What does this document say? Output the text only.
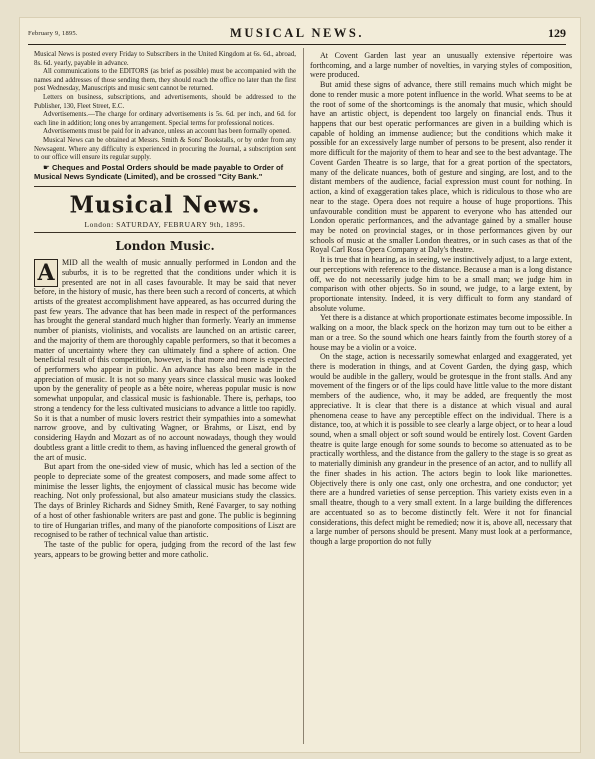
February 9, 1895.	MUSICAL NEWS.	129

Musical News is posted every Friday to Subscribers in the United Kingdom at 6s. 6d., abroad, 8s. 6d. yearly, payable in advance.

All communications to the EDITORS (as brief as possible) must be accompanied with the names and addresses of those sending them, they should reach the office no later than the first post Wednesday, Manuscripts and music sent cannot be returned.

Letters on business, subscriptions, and advertisements, should be addressed to the Publisher, 130, Fleet Street, E.C.

Advertisements.—The charge for ordinary advertisements is 5s. 6d. per inch, and 6d. for each line in addition; long ones by arrangement. Special terms for professional notices.

Advertisements must be paid for in advance, unless an account has been formally opened.

Musical News can be obtained at Messrs. Smith & Sons' Bookstalls, or by order from any Newsagent. Where any difficulty is experienced in procuring the Journal, a subscription sent to our office will ensure its regular supply.

☛ Cheques and Postal Orders should be made payable to Order of Musical News Syndicate (Limited), and be crossed "City Bank."

Musical News.
London: SATURDAY, FEBRUARY 9th, 1895.
London Music.

A MID all the wealth of music annually performed in London and the suburbs, it is to be regretted that the conditions under which it is presented are not in all cases favourable. It may be said that never before, in the history of music, has there been such a record of concerts, at which artists of the greatest accomplishment have appeared, as has occurred during the past few years. The advance that has been made in respect of the performances has brought the general standard much higher than formerly. Yearly an immense number of pianists, violinists, and vocalists are launched on an artistic career, and the majority of them are thoroughly capable performers, so that it becomes a matter of uncertainty where they can ultimately find a sphere of action. One beneficial result of this competition, however, is that more and more is expected of performers who appear in public. An advance has also been made in the appreciation of music. It is not so many years since classical music was looked upon by the generality of people as a bête noire, whereas popular music is now somewhat unpopular, and classical music is fashionable. There is, perhaps, too strong a tendency for the less cultivated musicians to advance a little too rapidly. So it is that a number of music lovers restrict their sympathies into a somewhat narrow groove, and by cultivating Wagner, or Brahms, or Liszt, end by considering Haydn and Mozart as of no account nowadays, though they would doubtless grant a little credit to them, as having influenced the general growth of the art of music.

But apart from the one-sided view of music, which has led a section of the people to depreciate some of the greatest composers, and made some affect to minimise the lesser lights, the enjoyment of classical music has become wide reaching. Not only professional, but also amateur musicians study the classics. The days of Brinley Richards and Sidney Smith, René Favarger, to say nothing of a host of other fashionable writers are past and gone. The public is beginning to tire of Hungarian trifles, and many of the pianoforte compositions of Liszt are recognised to be rather of technical value than artistic.

The taste of the public for opera, judging from the record of the last few years, appears to be growing better and more catholic.

At Covent Garden last year an unusually extensive répertoire was forthcoming, and a large number of novelties, in varying styles of composition, were produced.

But amid these signs of advance, there still remains much which might be done to render music a more potent influence in the world. What seems to be at the root of some of the shortcomings is the anomaly that music, which should have an artistic object, is dependent too largely on financial ends. Thus it happens that our best operatic performances are given in a building which is capable of holding an immense audience; but the conditions which make it possible for an excessively large number of persons to be present, also render it more difficult for the majority of them to hear and see to the best advantage. The Covent Garden Theatre is so large, that for a great portion of the spectators, many of the delicate nuances, both of gesture and singing, are lost, and to the distant members of the audience, facial expression must count for nothing. In action, a kind of exaggeration takes place, which is ridiculous to those who are near to the stage. Opera does not require a house of huge proportions. This unfavourable condition must be apparent to everyone who has attended our London operatic performances, and the advantage gained by a smaller house may be noted on provincial stages, or in those performances given by our schools of music at the smaller London theatres, or in such cases as that of the Royal Carl Rosa Opera Company at Daly's theatre.

It is true that in hearing, as in seeing, we instinctively adjust, to a large extent, our perceptions with reference to the distance. Because a man is a long distance off, we do not necessarily judge him to be a small man; we judge him in comparison with other objects. So in sound, we judge, to a large extent, by proportionate intensity. Indeed, it is very difficult to form any standard of absolute volume.

Yet there is a distance at which proportionate estimates become impossible. In walking on a moor, the black speck on the horizon may turn out to be either a man or a tree. So the sound which one hears faintly from the fourth storey of a house may be a violin or a voice.

On the stage, action is necessarily somewhat enlarged and exaggerated, yet there is moderation in things, and at Covent Garden, the dying gasp, which would be audible in the gallery, would be grotesque in the front stalls. And any movement of the fingers or of the lips could have little value to the more distant members of the audience, who, it may be added, are frequently the most appreciative. It is clear that there is a distance at which visual and aural phenomena cease to have any perceptible effect on the individual. There is a distance, too, at which it is possible to see clearly a large object, or to hear a loud sound, when a small object or soft sound would be entirely lost. Covent Garden theatre is quite large enough for some sounds to become so attenuated as to be practically worthless, and the distance from the gallery to the stage is so great as to materially diminish any grandeur in the presence of an actor, and to nullify all the finer shades in his action. The actors begin to look like marionettes. Objectively there is only one cast, only one orchestra, and one conductor; yet there are a hundred varieties of sense perception. This variety exists even in a small theatre, though to a very small extent. In a large building the differences are accentuated so as to become distinctly felt. Were it not for financial considerations, this defect might be remedied; now it is, above all, necessary that a large number of persons should be present. Many must look at a performance, though a large proportion do not fully
